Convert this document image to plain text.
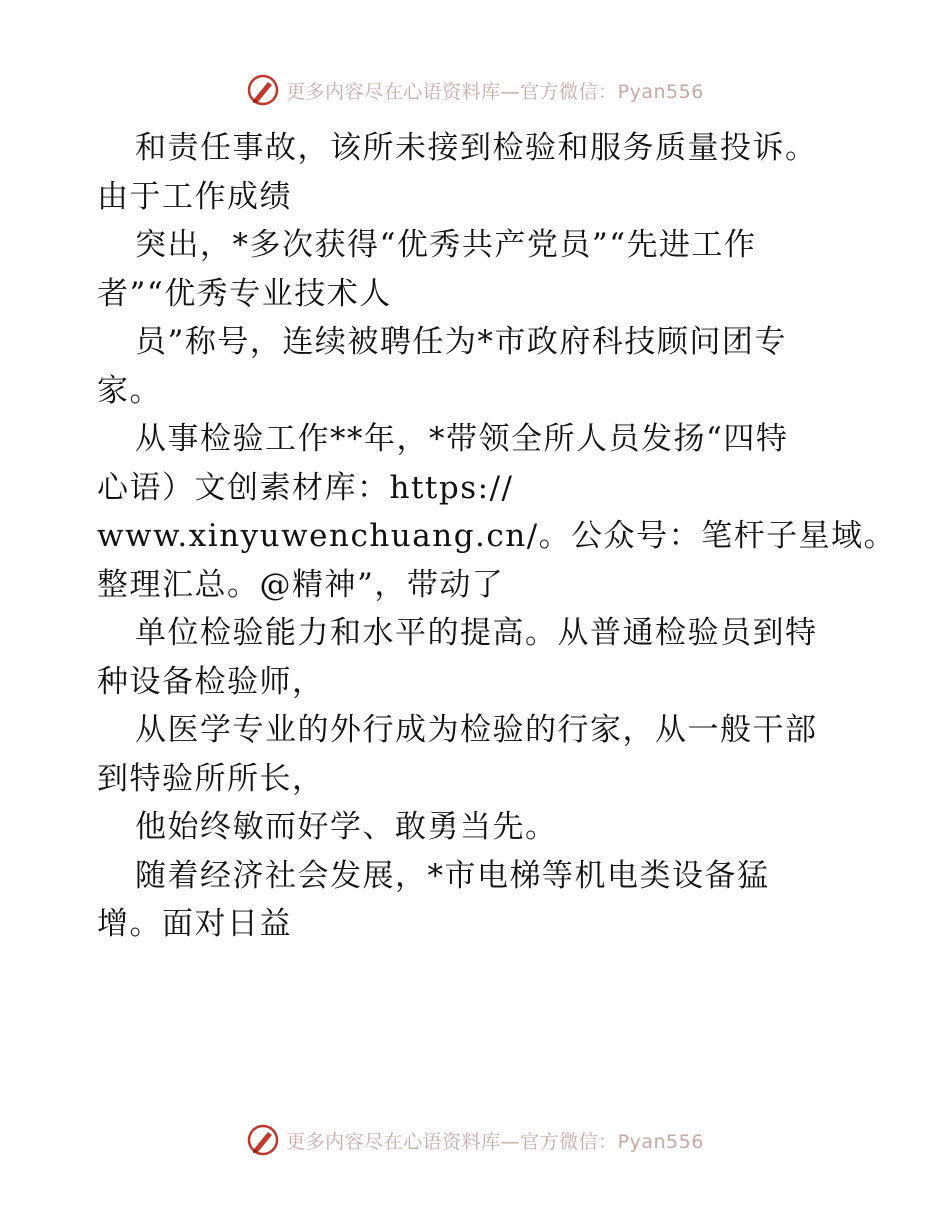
更多内容尽在心语资料库—官方微信：Pyan556
和责任事故，该所未接到检验和服务质量投诉。
由于工作成绩
突出，*多次获得“优秀共产党员”“先进工作
者”“优秀专业技术人
员”称号，连续被聘任为*市政府科技顾问团专
家。
从事检验工作**年，*带领全所人员发扬“四特
心语）文创素材库：https://
www.xinyuwenchuang.cn/。公众号：笔杆子星域。
整理汇总。@精神”，带动了
单位检验能力和水平的提高。从普通检验员到特
种设备检验师，
从医学专业的外行成为检验的行家，从一般干部
到特验所所长，
他始终敏而好学、敢勇当先。
随着经济社会发展，*市电梯等机电类设备猛
增。面对日益
更多内容尽在心语资料库—官方微信：Pyan556
